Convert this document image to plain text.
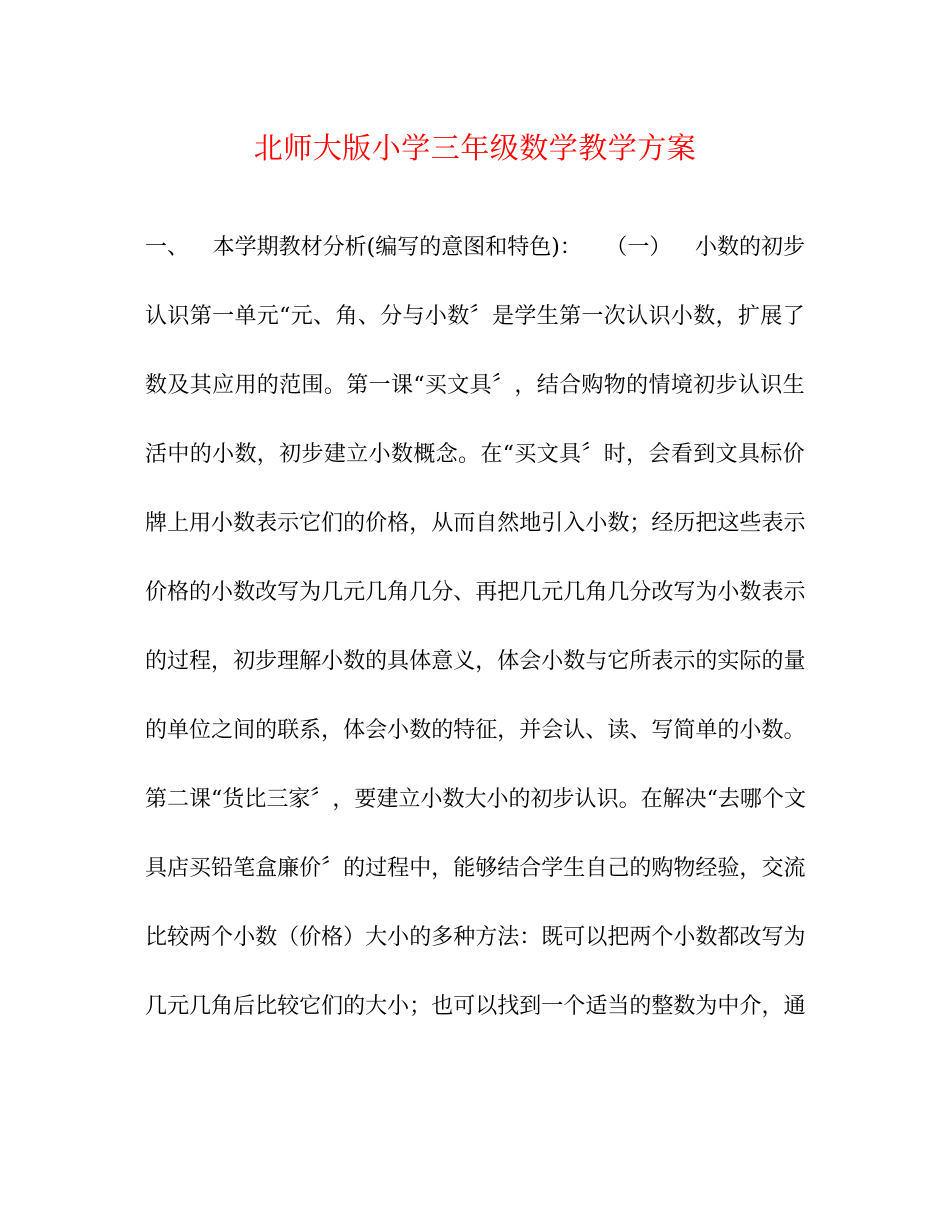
北师大版小学三年级数学教学方案
一、 本学期教材分析(编写的意图和特色)： （一） 小数的初步
认 识 第 一 单 元 “ 元 、 角 、 分 与 小 数 〞 是 学 生 第 一 次 认 识 小 数 ， 扩 展 了
数 及 其 应 用 的 范 围 。 第 一 课 “ 买 文 具 〞 ， 结 合 购 物 的 情 境 初 步 认 识 生
活 中 的 小 数 ， 初 步 建 立 小 数 概 念 。 在 “ 买 文 具 〞 时 ， 会 看 到 文 具 标 价
牌 上 用 小 数 表 示 它 们 的 价 格 ， 从 而 自 然 地 引 入 小 数 ； 经 历 把 这 些 表 示
价 格 的 小 数 改 写 为 几 元 几 角 几 分 、 再 把 几 元 几 角 几 分 改 写 为 小 数 表 示
的 过 程 ， 初 步 理 解 小 数 的 具 体 意 义 ， 体 会 小 数 与 它 所 表 示 的 实 际 的 量
的 单 位 之 间 的 联 系 ， 体 会 小 数 的 特 征 ， 并 会 认 、 读 、 写 简 单 的 小 数 。
第 二 课 “ 货 比 三 家 〞 ， 要 建 立 小 数 大 小 的 初 步 认 识 。 在 解 决 “ 去 哪 个 文
具 店 买 铅 笔 盒 廉 价 〞 的 过 程 中 ， 能 够 结 合 学 生 自 己 的 购 物 经 验 ， 交 流
比 较 两 个 小 数 （ 价 格 ） 大 小 的 多 种 方 法 ： 既 可 以 把 两 个 小 数 都 改 写 为
几 元 几 角 后 比 较 它 们 的 大 小 ； 也 可 以 找 到 一 个 适 当 的 整 数 为 中 介 ， 通
